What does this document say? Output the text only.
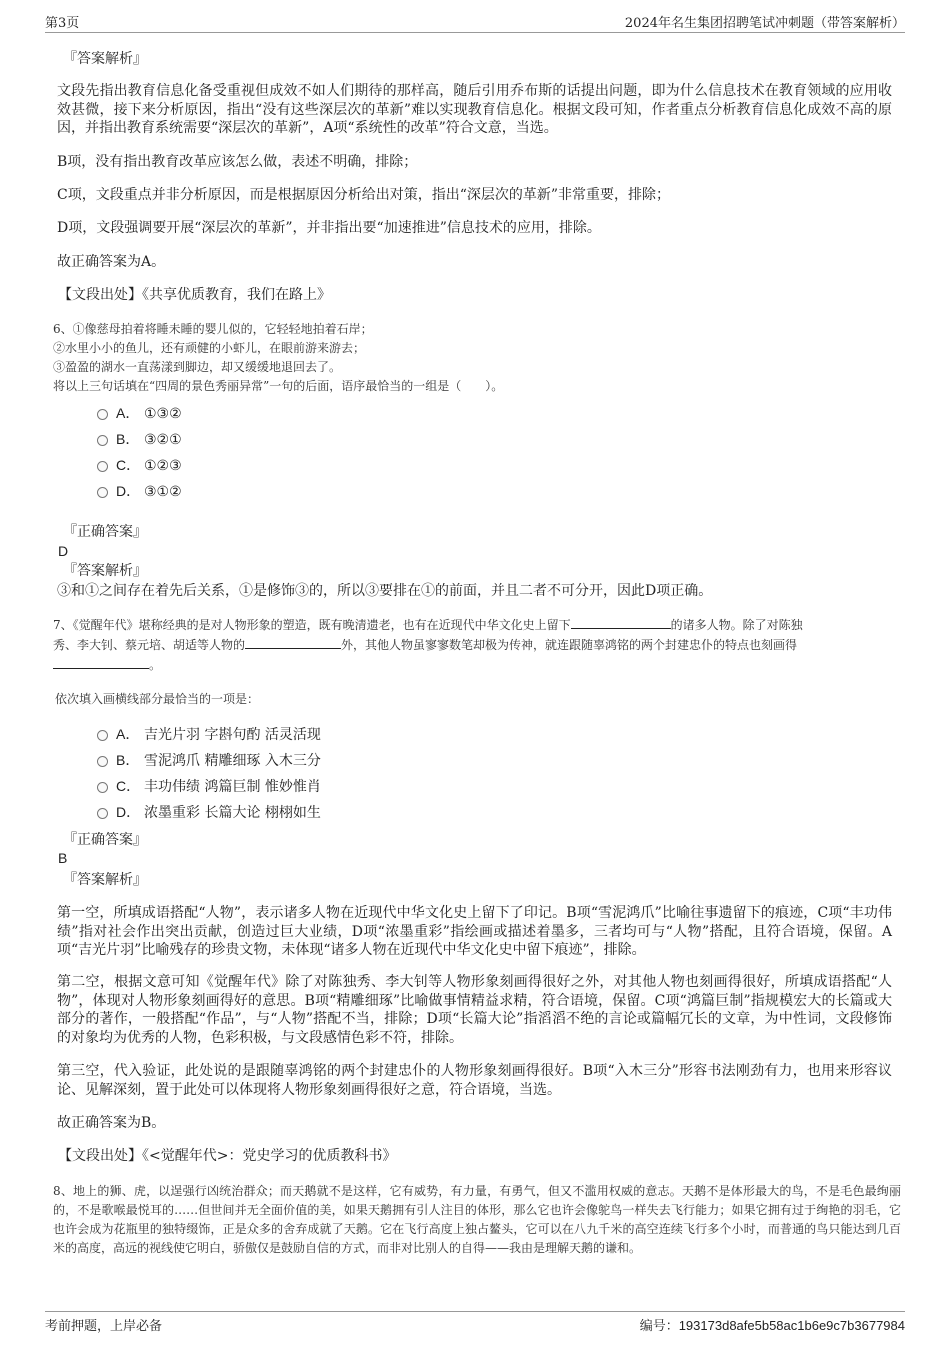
第3页	2024年名生集团招聘笔试冲刺题（带答案解析）
『答案解析』
文段先指出教育信息化备受重视但成效不如人们期待的那样高，随后引用乔布斯的话提出问题，即为什么信息技术在教育领域的应用收效甚微，接下来分析原因，指出“没有这些深层次的革新”难以实现教育信息化。根据文段可知，作者重点分析教育信息化成效不高的原因，并指出教育系统需要“深层次的革新”，A项“系统性的改革”符合文意，当选。
B项，没有指出教育改革应该怎么做，表述不明确，排除；
C项，文段重点并非分析原因，而是根据原因分析给出对策，指出“深层次的革新”非常重要，排除；
D项，文段强调要开展“深层次的革新”，并非指出要“加速推进”信息技术的应用，排除。
故正确答案为A。
【文段出处】《共享优质教育，我们在路上》
6、①像慈母拍着将睡未睡的婴儿似的，它轻轻地拍着石岸；
②水里小小的鱼儿，还有顽健的小虾儿，在眼前游来游去；
③盈盈的湖水一直荡漾到脚边，却又缓缓地退回去了。
将以上三句话填在“四周的景色秀丽异常”一句的后面，语序最恰当的一组是（　　）。
A． ①③②
B． ③②①
C． ①②③
D． ③①②
『正确答案』
D
『答案解析』
③和①之间存在着先后关系，①是修饰③的，所以③要排在①的前面，并且二者不可分开，因此D项正确。
7、《觉醒年代》堪称经典的是对人物形象的塑造，既有晚清遗老，也有在近现代中华文化史上留下	的诸多人物。除了对陈独
秀、李大钊、蔡元培、胡适等人物的	外，其他人物虽寥寥数笔却极为传神，就连跟随辜鸿铭的两个封建忠仆的特点也刻画得
。
依次填入画横线部分最恰当的一项是：
A． 吉光片羽 字斟句酌 活灵活现
B． 雪泥鸿爪 精雕细琢 入木三分
C． 丰功伟绩 鸿篇巨制 惟妙惟肖
D． 浓墨重彩 长篇大论 栩栩如生
『正确答案』
B
『答案解析』
第一空，所填成语搭配“人物”，表示诸多人物在近现代中华文化史上留下了印记。B项“雪泥鸿爪”比喻往事遗留下的痕迹，C项“丰功伟绩”指对社会作出突出贡献，创造过巨大业绩，D项“浓墨重彩”指绘画或描述着墨多，三者均可与“人物”搭配，且符合语境，保留。A项“吉光片羽”比喻残存的珍贵文物，未体现“诸多人物在近现代中华文化史中留下痕迹”，排除。
第二空，根据文意可知《觉醒年代》除了对陈独秀、李大钊等人物形象刻画得很好之外，对其他人物也刻画得很好，所填成语搭配“人物”，体现对人物形象刻画得好的意思。B项“精雕细琢”比喻做事情精益求精，符合语境，保留。C项“鸿篇巨制”指规模宏大的长篇或大部分的著作，一般搭配“作品”，与“人物”搭配不当，排除；D项“长篇大论”指滔滔不绝的言论或篇幅冗长的文章，为中性词，文段修饰的对象均为优秀的人物，色彩积极，与文段感情色彩不符，排除。
第三空，代入验证，此处说的是跟随辜鸿铭的两个封建忠仆的人物形象刻画得很好。B项“入木三分”形容书法刚劲有力，也用来形容议论、见解深刻，置于此处可以体现将人物形象刻画得很好之意，符合语境，当选。
故正确答案为B。
【文段出处】《<觉醒年代>：党史学习的优质教科书》
8、地上的狮、虎，以逞强行凶统治群众；而天鹅就不是这样，它有威势，有力量，有勇气，但又不滥用权威的意志。天鹅不是体形最大的鸟，不是毛色最绚丽的，不是歌喉最悦耳的……但世间并无全面价值的美，如果天鹅拥有引人注目的体形，那么它也许会像鸵鸟一样失去飞行能力；如果它拥有过于绚艳的羽毛，它也许会成为花瓶里的独特缀饰，正是众多的舍弃成就了天鹅。它在飞行高度上独占鳌头，它可以在八九千米的高空连续飞行多个小时，而普通的鸟只能达到几百米的高度，高远的视线使它明白，骄傲仅是鼓励自信的方式，而非对比别人的自得——我由是理解天鹅的谦和。
考前押题，上岸必备	编号：193173d8afe5b58ac1b6e9c7b3677984
